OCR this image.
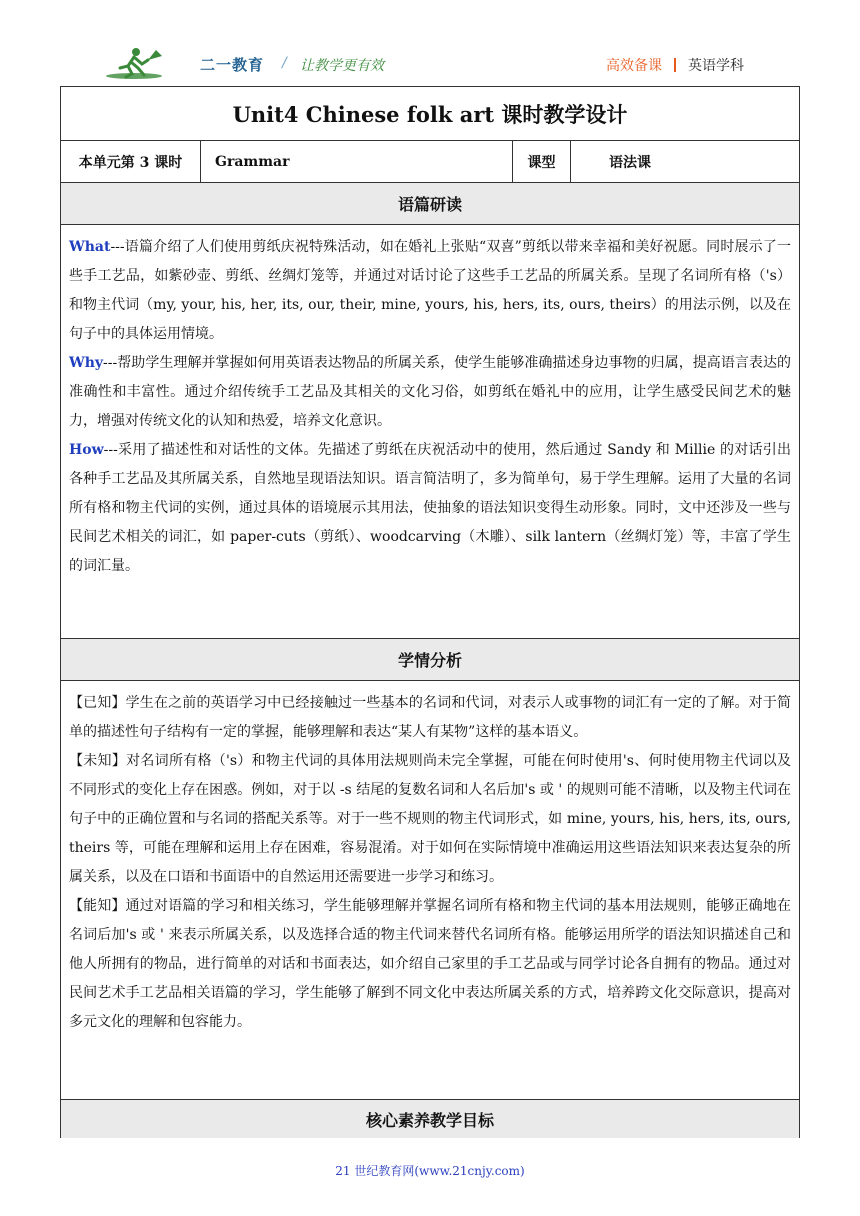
二一教育 / 让教学更有效	高效备课 英语学科
Unit4 Chinese folk art 课时教学设计
本单元第 3 课时	Grammar	课型	语法课
语篇研读

What---语篇介绍了人们使用剪纸庆祝特殊活动，如在婚礼上张贴“双喜”剪纸以带来幸福和美好祝愿。同时展示了一些手工艺品，如紫砂壶、剪纸、丝绸灯笼等，并通过对话讨论了这些手工艺品的所属关系。呈现了名词所有格（'s）和物主代词（my, your, his, her, its, our, their, mine, yours, his, hers, its, ours, theirs）的用法示例，以及在句子中的具体运用情境。

Why---帮助学生理解并掌握如何用英语表达物品的所属关系，使学生能够准确描述身边事物的归属，提高语言表达的准确性和丰富性。通过介绍传统手工艺品及其相关的文化习俗，如剪纸在婚礼中的应用，让学生感受民间艺术的魅力，增强对传统文化的认知和热爱，培养文化意识。

How---采用了描述性和对话性的文体。先描述了剪纸在庆祝活动中的使用，然后通过 Sandy 和 Millie 的对话引出各种手工艺品及其所属关系，自然地呈现语法知识。语言简洁明了，多为简单句，易于学生理解。运用了大量的名词所有格和物主代词的实例，通过具体的语境展示其用法，使抽象的语法知识变得生动形象。同时，文中还涉及一些与民间艺术相关的词汇，如 paper-cuts（剪纸）、woodcarving（木雕）、silk lantern（丝绸灯笼）等，丰富了学生的词汇量。

学情分析

【已知】学生在之前的英语学习中已经接触过一些基本的名词和代词，对表示人或事物的词汇有一定的了解。对于简单的描述性句子结构有一定的掌握，能够理解和表达“某人有某物”这样的基本语义。

【未知】对名词所有格（'s）和物主代词的具体用法规则尚未完全掌握，可能在何时使用's、何时使用物主代词以及不同形式的变化上存在困惑。例如，对于以 -s 结尾的复数名词和人名后加's 或 ' 的规则可能不清晰，以及物主代词在句子中的正确位置和与名词的搭配关系等。对于一些不规则的物主代词形式，如 mine, yours, his, hers, its, ours, theirs 等，可能在理解和运用上存在困难，容易混淆。对于如何在实际情境中准确运用这些语法知识来表达复杂的所属关系，以及在口语和书面语中的自然运用还需要进一步学习和练习。

【能知】通过对语篇的学习和相关练习，学生能够理解并掌握名词所有格和物主代词的基本用法规则，能够正确地在名词后加's 或 ' 来表示所属关系，以及选择合适的物主代词来替代名词所有格。能够运用所学的语法知识描述自己和他人所拥有的物品，进行简单的对话和书面表达，如介绍自己家里的手工艺品或与同学讨论各自拥有的物品。通过对民间艺术手工艺品相关语篇的学习，学生能够了解到不同文化中表达所属关系的方式，培养跨文化交际意识，提高对多元文化的理解和包容能力。

核心素养教学目标
21 世纪教育网(www.21cnjy.com)
